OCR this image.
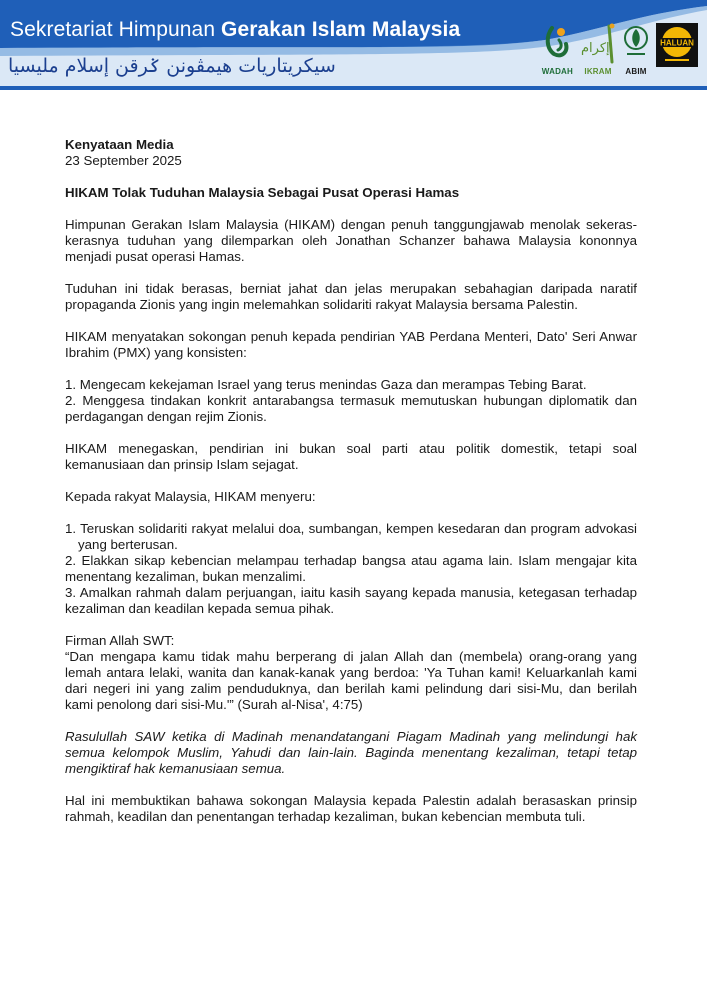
Sekretariat Himpunan Gerakan Islam Malaysia
سيكريتاريات هيمڤونن ݢرقن إسلام مليسيا	WADAH
إكرام
IKRAM ABIM
HALUAN

Kenyataan Media

23 September 2025

HIKAM Tolak Tuduhan Malaysia Sebagai Pusat Operasi Hamas

Himpunan Gerakan Islam Malaysia (HIKAM) dengan penuh tanggungjawab menolak sekeras-kerasnya tuduhan yang dilemparkan oleh Jonathan Schanzer bahawa Malaysia kononnya menjadi pusat operasi Hamas.

Tuduhan ini tidak berasas, berniat jahat dan jelas merupakan sebahagian daripada naratif propaganda Zionis yang ingin melemahkan solidariti rakyat Malaysia bersama Palestin.

HIKAM menyatakan sokongan penuh kepada pendirian YAB Perdana Menteri, Dato' Seri Anwar Ibrahim (PMX) yang konsisten:

1. Mengecam kekejaman Israel yang terus menindas Gaza dan merampas Tebing Barat.

2. Menggesa tindakan konkrit antarabangsa termasuk memutuskan hubungan diplomatik dan perdagangan dengan rejim Zionis.

HIKAM menegaskan, pendirian ini bukan soal parti atau politik domestik, tetapi soal kemanusiaan dan prinsip Islam sejagat.

Kepada rakyat Malaysia, HIKAM menyeru:

1. Teruskan solidariti rakyat melalui doa, sumbangan, kempen kesedaran dan program advokasi yang berterusan.

2. Elakkan sikap kebencian melampau terhadap bangsa atau agama lain. Islam mengajar kita menentang kezaliman, bukan menzalimi.

3. Amalkan rahmah dalam perjuangan, iaitu kasih sayang kepada manusia, ketegasan terhadap kezaliman dan keadilan kepada semua pihak.

Firman Allah SWT:

“Dan mengapa kamu tidak mahu berperang di jalan Allah dan (membela) orang-orang yang lemah antara lelaki, wanita dan kanak-kanak yang berdoa: 'Ya Tuhan kami! Keluarkanlah kami dari negeri ini yang zalim penduduknya, dan berilah kami pelindung dari sisi-Mu, dan berilah kami penolong dari sisi-Mu.'” (Surah al-Nisa', 4:75)

Rasulullah SAW ketika di Madinah menandatangani Piagam Madinah yang melindungi hak semua kelompok Muslim, Yahudi dan lain-lain. Baginda menentang kezaliman, tetapi tetap mengiktiraf hak kemanusiaan semua.

Hal ini membuktikan bahawa sokongan Malaysia kepada Palestin adalah berasaskan prinsip rahmah, keadilan dan penentangan terhadap kezaliman, bukan kebencian membuta tuli.
